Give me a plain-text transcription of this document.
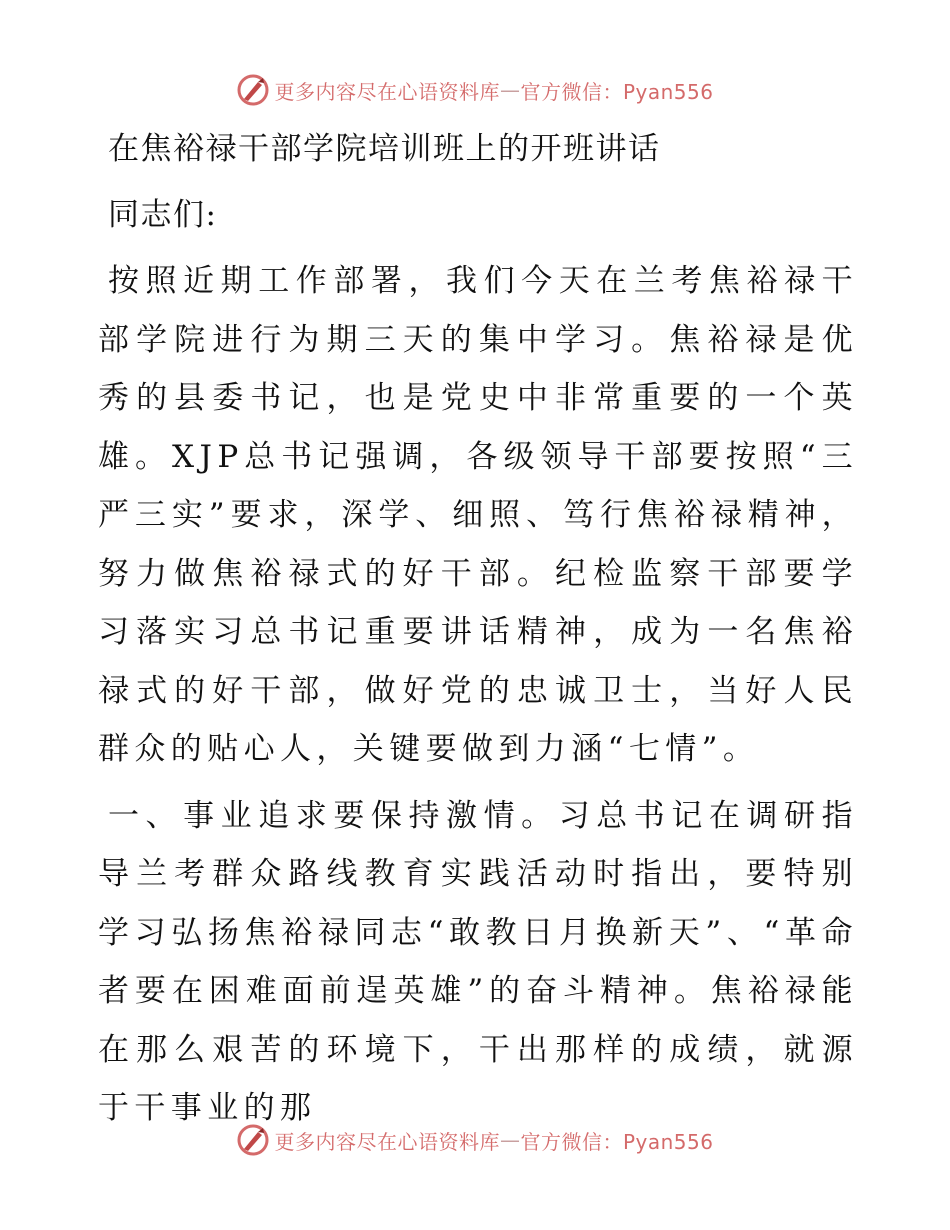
更多内容尽在心语资料库 — 官方微信：Pyan556
在焦裕禄干部学院培训班上的开班讲话
同志们:

按照近期工作部署，我们今天在兰考焦裕禄干部学院进行为期三天的集中学习。焦裕禄是优秀的县委书记，也是党史中非常重要的一个英雄。XJP总书记强调，各级领导干部要按照“三严三实”要求，深学、细照、笃行焦裕禄精神，努力做焦裕禄式的好干部。纪检监察干部要学习落实习总书记重要讲话精神，成为一名焦裕禄式的好干部，做好党的忠诚卫士，当好人民群众的贴心人，关键要做到力涵“七情”。

一、事业追求要保持激情。习总书记在调研指导兰考群众路线教育实践活动时指出，要特别学习弘扬焦裕禄同志“敢教日月换新天”、“革命者要在困难面前逞英雄”的奋斗精神。焦裕禄能在那么艰苦的环境下，干出那样的成绩，就源于干事业的那

更多内容尽在心语资料库 — 官方微信：Pyan556
